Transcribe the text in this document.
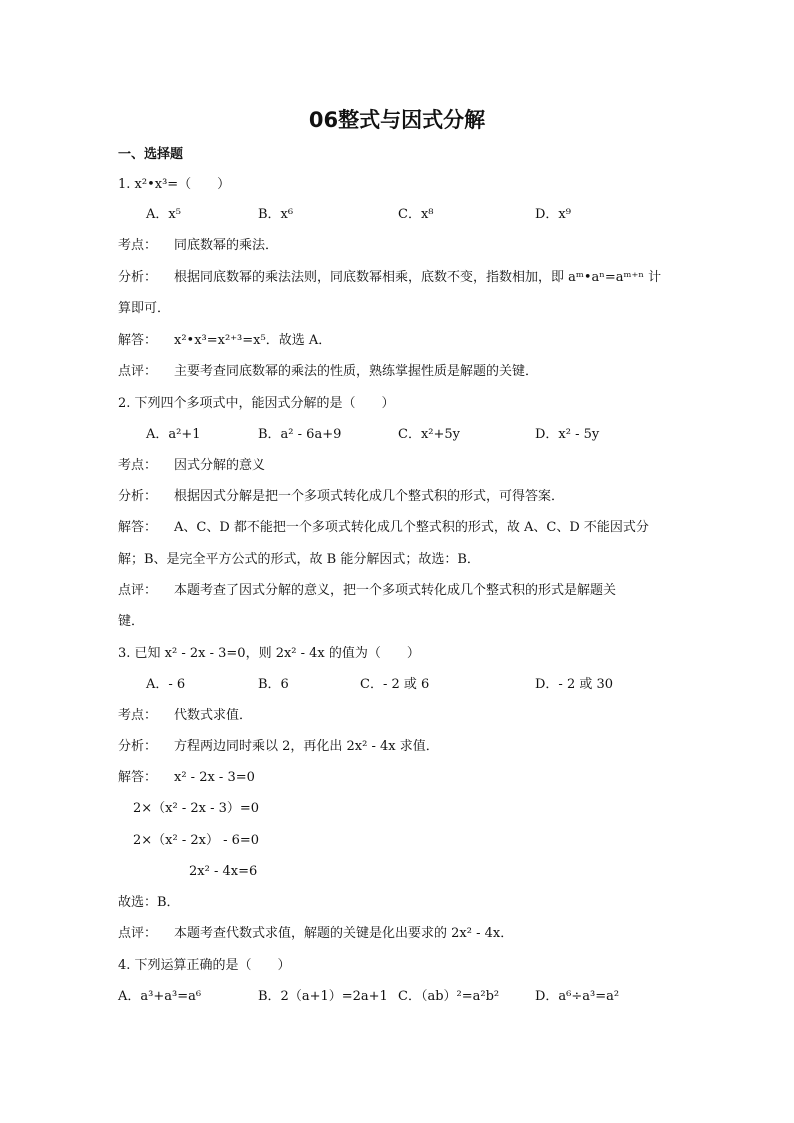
06整式与因式分解
一、选择题
1. x²•x³=（　　）
A．x⁵	B．x⁶	C．x⁸	D．x⁹
考点： 同底数幂的乘法．
分析： 根据同底数幂的乘法法则，同底数幂相乘，底数不变，指数相加，即 aᵐ•aⁿ=aᵐ⁺ⁿ 计
算即可．
解答： x²•x³=x²⁺³=x⁵．故选 A．
点评： 主要考查同底数幂的乘法的性质，熟练掌握性质是解题的关键．
2. 下列四个多项式中，能因式分解的是（　　）
A．a²+1	B．a² - 6a+9	C．x²+5y	D．x² - 5y
考点： 因式分解的意义
分析： 根据因式分解是把一个多项式转化成几个整式积的形式，可得答案．
解答： A、C、D 都不能把一个多项式转化成几个整式积的形式，故 A、C、D 不能因式分
解；B、是完全平方公式的形式，故 B 能分解因式；故选：B．
点评： 本题考查了因式分解的意义，把一个多项式转化成几个整式积的形式是解题关
键．
3. 已知 x² - 2x - 3=0，则 2x² - 4x 的值为（　　）
A．- 6	B．6	C．- 2 或 6	D．- 2 或 30
考点： 代数式求值．
分析： 方程两边同时乘以 2，再化出 2x² - 4x 求值．
解答： x² - 2x - 3=0
2×（x² - 2x - 3）=0
2×（x² - 2x） - 6=0
2x² - 4x=6
故选：B．
点评： 本题考查代数式求值，解题的关键是化出要求的 2x² - 4x．
4. 下列运算正确的是（　　）
A．a³+a³=a⁶	B．2（a+1）=2a+1 C．（ab）²=a²b²	D．a⁶÷a³=a²
